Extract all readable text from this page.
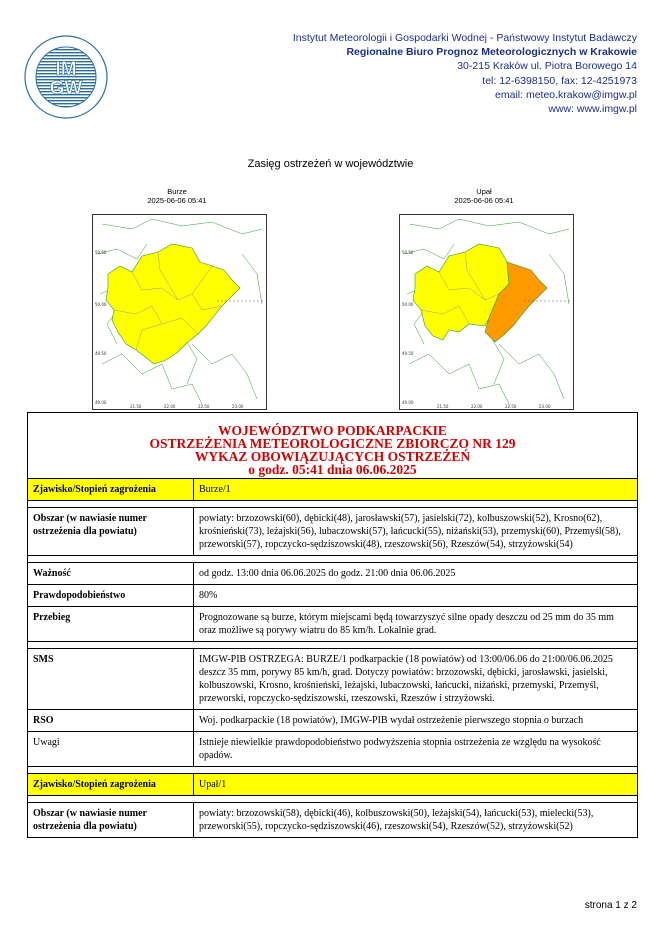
IM
GW
Instytut Meteorologii i Gospodarki Wodnej - Państwowy Instytut Badawczy
Regionalne Biuro Prognoz Meteorologicznych w Krakowie
30-215 Kraków ul. Piotra Borowego 14
tel: 12-6398150, fax: 12-4251973
email: meteo.krakow@imgw.pl
www: www.imgw.pl
Zasięg ostrzeżeń w województwie
Burze
2025-06-06 05:41
Upał
2025-06-06 05:41
50.50
50.00
49.50
49.00
21.50	22.00	22.50	23.00
50.50
50.00
49.50
49.00
21.50	22.00	22.50	23.00
WOJEWÓDZTWO PODKARPACKIE
OSTRZEŻENIA METEOROLOGICZNE ZBIORCZO NR 129
WYKAZ OBOWIĄZUJĄCYCH OSTRZEŻEŃ
o godz. 05:41 dnia 06.06.2025	

Zjawisko/Stopień zagrożenia	Burze/1

Obszar (w nawiasie numer ostrzeżenia dla powiatu)	powiaty: brzozowski(60), dębicki(48), jarosławski(57), jasielski(72), kolbuszowski(52), Krosno(62), krośnieński(73), leżajski(56), lubaczowski(57), łańcucki(55), niżański(53), przemyski(60), Przemyśl(58), przeworski(57), ropczycko-sędziszowski(48), rzeszowski(56), Rzeszów(54), strzyżowski(54)

Ważność	od godz. 13:00 dnia 06.06.2025 do godz. 21:00 dnia 06.06.2025
Prawdopodobieństwo	80%
Przebieg	Prognozowane są burze, którym miejscami będą towarzyszyć silne opady deszczu od 25 mm do 35 mm oraz możliwe są porywy wiatru do 85 km/h. Lokalnie grad.

SMS	IMGW-PIB OSTRZEGA: BURZE/1 podkarpackie (18 powiatów) od 13:00/06.06 do 21:00/06.06.2025 deszcz 35 mm, porywy 85 km/h, grad. Dotyczy powiatów: brzozowski, dębicki, jarosławski, jasielski, kolbuszowski, Krosno, krośnieński, leżajski, lubaczowski, łańcucki, niżański, przemyski, Przemyśl, przeworski, ropczycko-sędziszowski, rzeszowski, Rzeszów i strzyżowski.
RSO	Woj. podkarpackie (18 powiatów), IMGW-PIB wydał ostrzeżenie pierwszego stopnia o burzach
Uwagi	Istnieje niewielkie prawdopodobieństwo podwyższenia stopnia ostrzeżenia ze względu na wysokość opadów.

Zjawisko/Stopień zagrożenia	Upał/1

Obszar (w nawiasie numer ostrzeżenia dla powiatu)	powiaty: brzozowski(58), dębicki(46), kolbuszowski(50), leżajski(54), łańcucki(53), mielecki(53), przeworski(55), ropczycko-sędziszowski(46), rzeszowski(54), Rzeszów(52), strzyżowski(52)
strona 1 z 2
